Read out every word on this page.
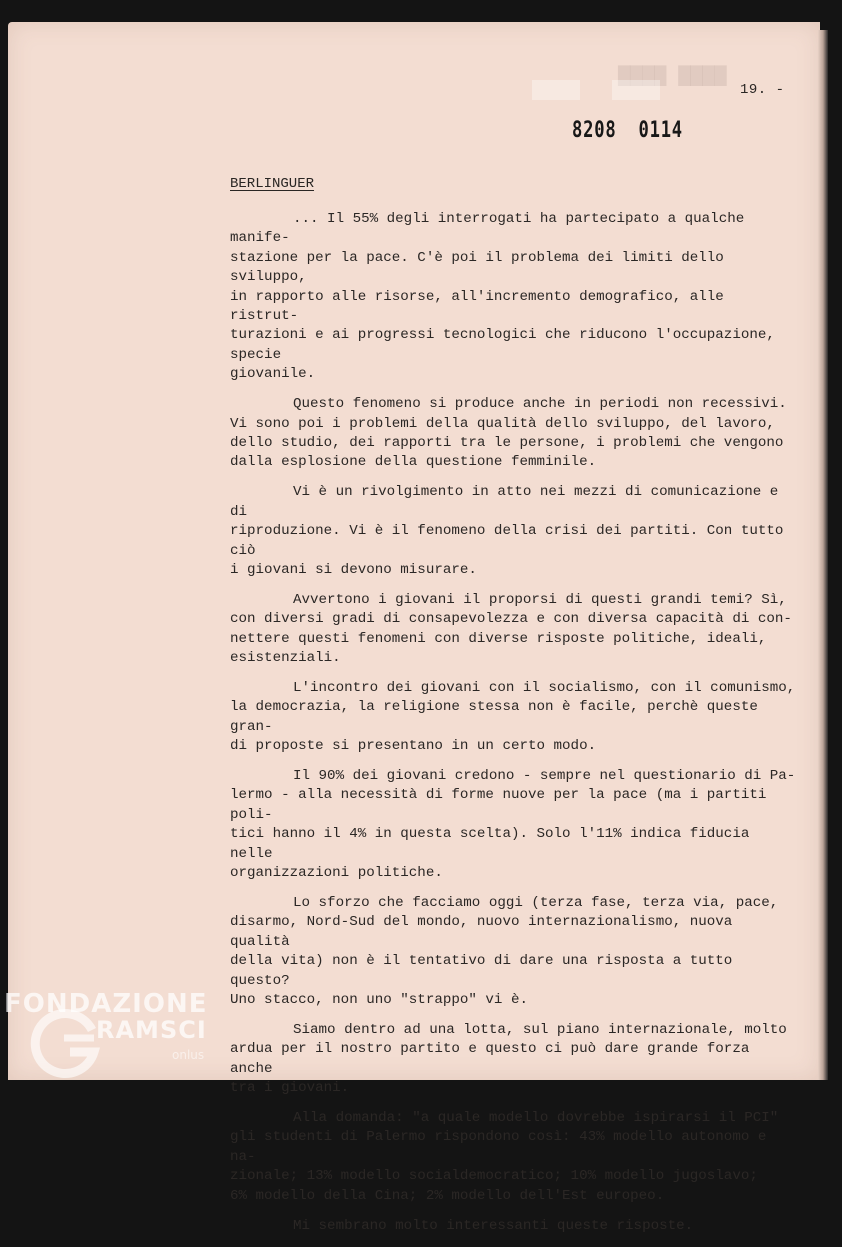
▇▇▇▇ ▇▇▇▇
19. -
8208 0114
BERLINGUER

... Il 55% degli interrogati ha partecipato a qualche manife-
stazione per la pace. C'è poi il problema dei limiti dello sviluppo,
in rapporto alle risorse, all'incremento demografico, alle ristrut-
turazioni e ai progressi tecnologici che riducono l'occupazione, specie
giovanile.

Questo fenomeno si produce anche in periodi non recessivi.
Vi sono poi i problemi della qualità dello sviluppo, del lavoro,
dello studio, dei rapporti tra le persone, i problemi che vengono
dalla esplosione della questione femminile.

Vi è un rivolgimento in atto nei mezzi di comunicazione e di
riproduzione. Vi è il fenomeno della crisi dei partiti. Con tutto ciò
i giovani si devono misurare.

Avvertono i giovani il proporsi di questi grandi temi? Sì,
con diversi gradi di consapevolezza e con diversa capacità di con-
nettere questi fenomeni con diverse risposte politiche, ideali,
esistenziali.

L'incontro dei giovani con il socialismo, con il comunismo,
la democrazia, la religione stessa non è facile, perchè queste gran-
di proposte si presentano in un certo modo.

Il 90% dei giovani credono - sempre nel questionario di Pa-
lermo - alla necessità di forme nuove per la pace (ma i partiti poli-
tici hanno il 4% in questa scelta). Solo l'11% indica fiducia nelle
organizzazioni politiche.

Lo sforzo che facciamo oggi (terza fase, terza via, pace,
disarmo, Nord-Sud del mondo, nuovo internazionalismo, nuova qualità
della vita) non è il tentativo di dare una risposta a tutto questo?
Uno stacco, non uno "strappo" vi è.

Siamo dentro ad una lotta, sul piano internazionale, molto
ardua per il nostro partito e questo ci può dare grande forza anche
tra i giovani.

Alla domanda: "a quale modello dovrebbe ispirarsi il PCI"
gli studenti di Palermo rispondono così: 43% modello autonomo e na-
zionale; 13% modello socialdemocratico; 10% modello jugoslavo;
6% modello della Cina; 2% modello dell'Est europeo.

Mi sembrano molto interessanti queste risposte.

FONDAZIONE
RAMSCI
onlus
